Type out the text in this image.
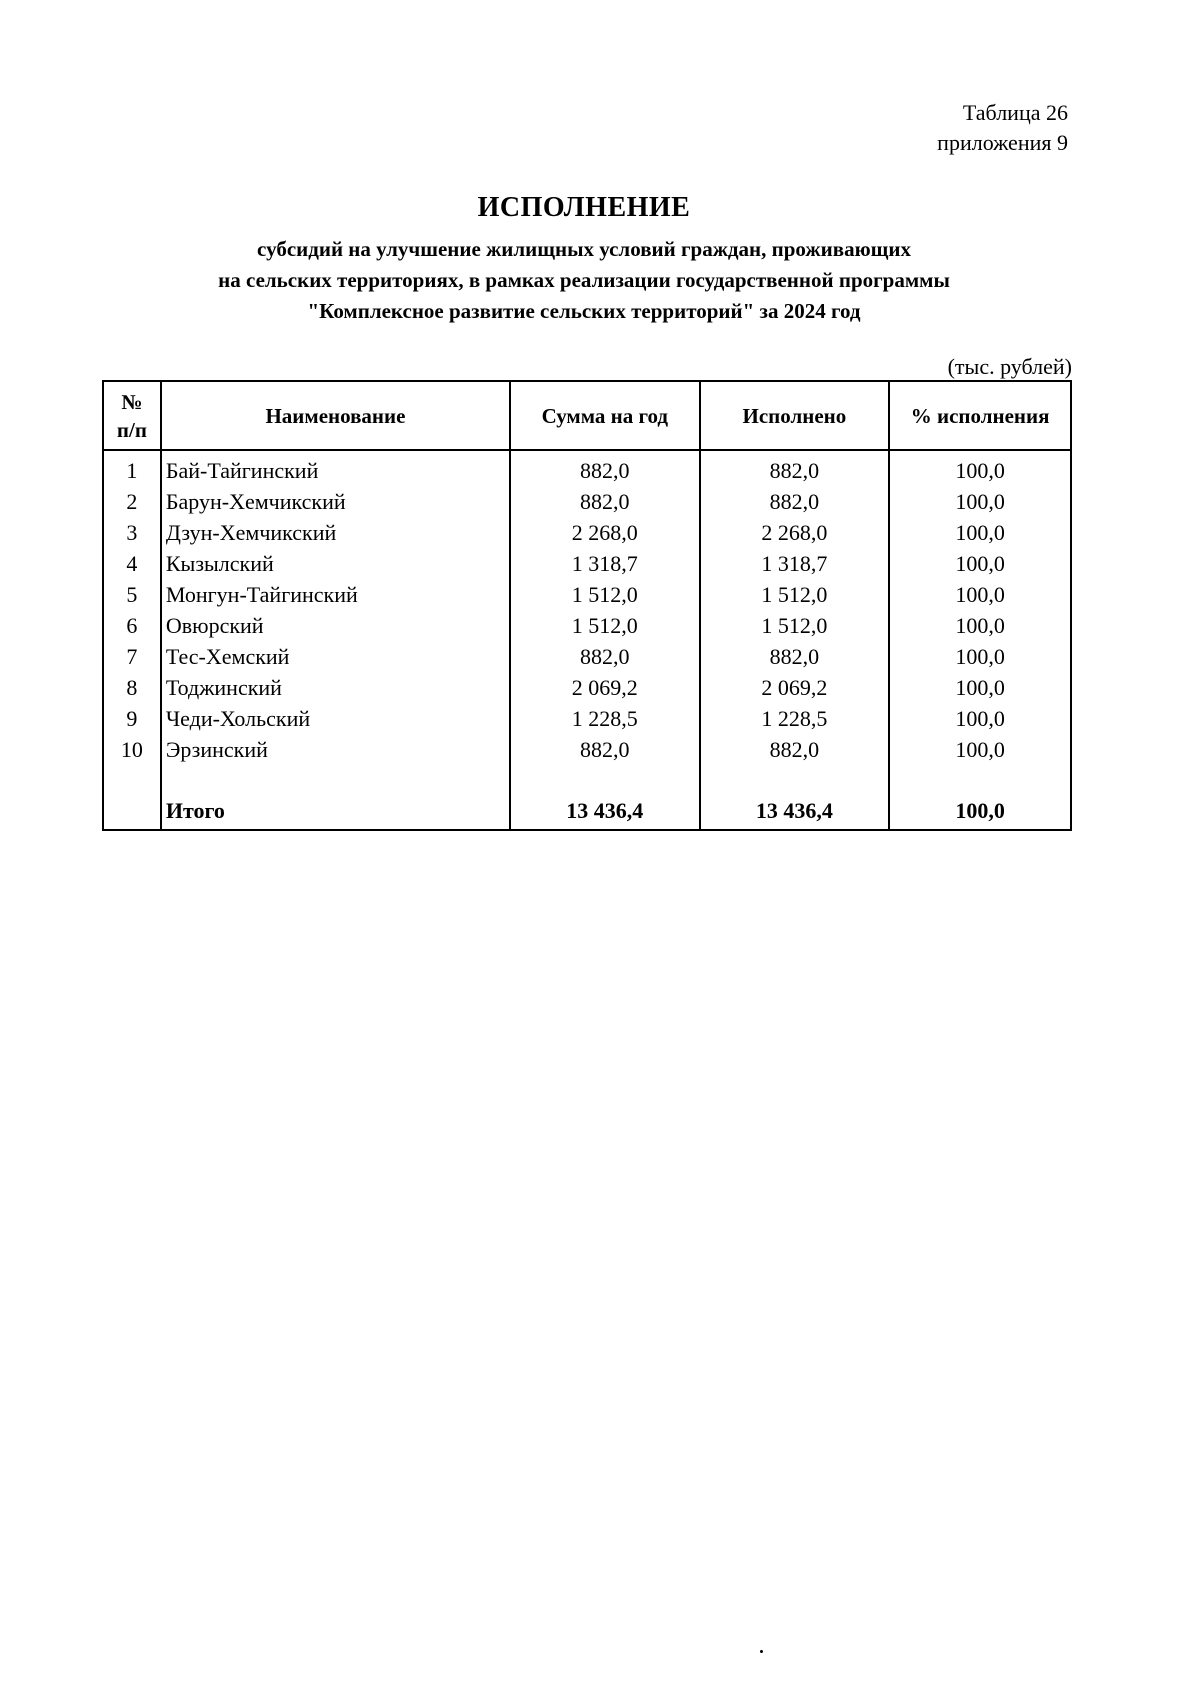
Таблица 26
приложения 9
ИСПОЛНЕНИЕ
субсидий на улучшение жилищных условий граждан, проживающих
на сельских территориях, в рамках реализации государственной программы
"Комплексное развитие сельских территорий" за 2024 год
(тыс. рублей)
№
п/п	Наименование	Сумма на год	Исполнено	% исполнения
1	Бай-Тайгинский	882,0	882,0	100,0
2	Барун-Хемчикский	882,0	882,0	100,0
3	Дзун-Хемчикский	2 268,0	2 268,0	100,0
4	Кызылский	1 318,7	1 318,7	100,0
5	Монгун-Тайгинский	1 512,0	1 512,0	100,0
6	Овюрский	1 512,0	1 512,0	100,0
7	Тес-Хемский	882,0	882,0	100,0
8	Тоджинский	2 069,2	2 069,2	100,0
9	Чеди-Хольский	1 228,5	1 228,5	100,0
10	Эрзинский	882,0	882,0	100,0

	Итого	13 436,4	13 436,4	100,0
